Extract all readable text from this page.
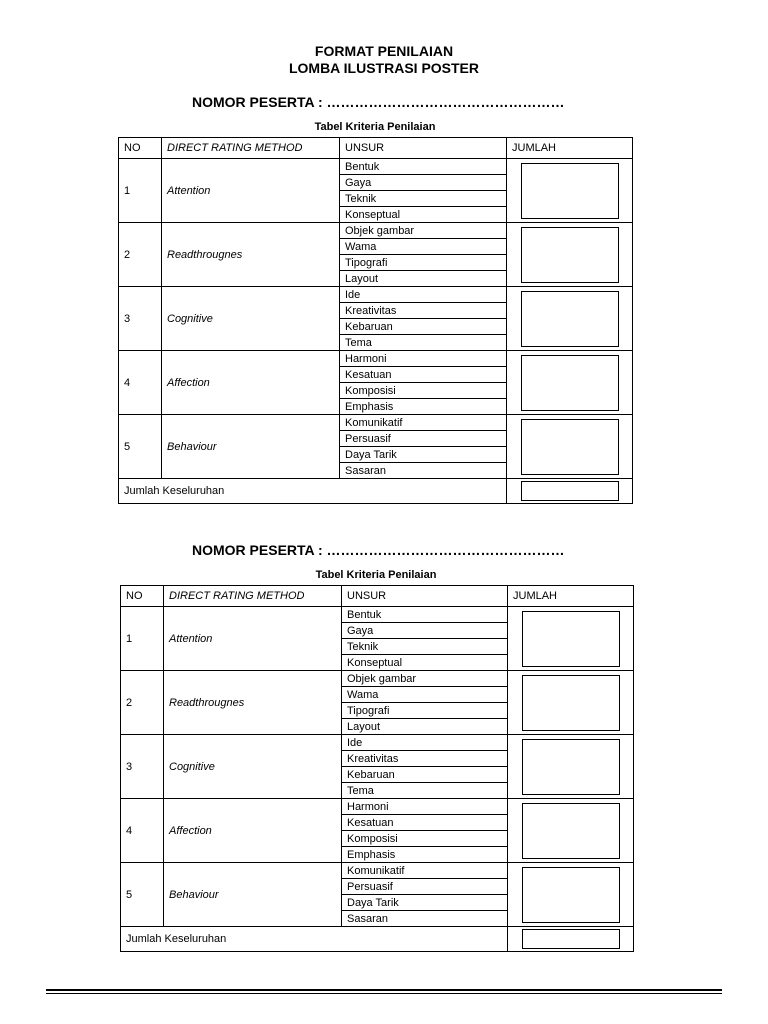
FORMAT PENILAIAN
LOMBA ILUSTRASI POSTER
NOMOR PESERTA : ……………………………………………
Tabel Kriteria Penilaian
NO	DIRECT RATING METHOD	UNSUR	JUMLAH
1	Attention	Bentuk	

		Gaya	
		Teknik	
		Konseptual	
2	Readthrougnes	Objek gambar	

		Wama	
		Tipografi	
		Layout	
3	Cognitive	Ide	

		Kreativitas	
		Kebaruan	
		Tema	
4	Affection	Harmoni	

		Kesatuan	
		Komposisi	
		Emphasis	
5	Behaviour	Komunikatif	

		Persuasif	
		Daya Tarik	
		Sasaran	
Jumlah Keseluruhan			
NOMOR PESERTA : ……………………………………………
Tabel Kriteria Penilaian
NO	DIRECT RATING METHOD	UNSUR	JUMLAH
1	Attention	Bentuk	

		Gaya	
		Teknik	
		Konseptual	
2	Readthrougnes	Objek gambar	

		Wama	
		Tipografi	
		Layout	
3	Cognitive	Ide	

		Kreativitas	
		Kebaruan	
		Tema	
4	Affection	Harmoni	

		Kesatuan	
		Komposisi	
		Emphasis	
5	Behaviour	Komunikatif	

		Persuasif	
		Daya Tarik	
		Sasaran	
Jumlah Keseluruhan			
